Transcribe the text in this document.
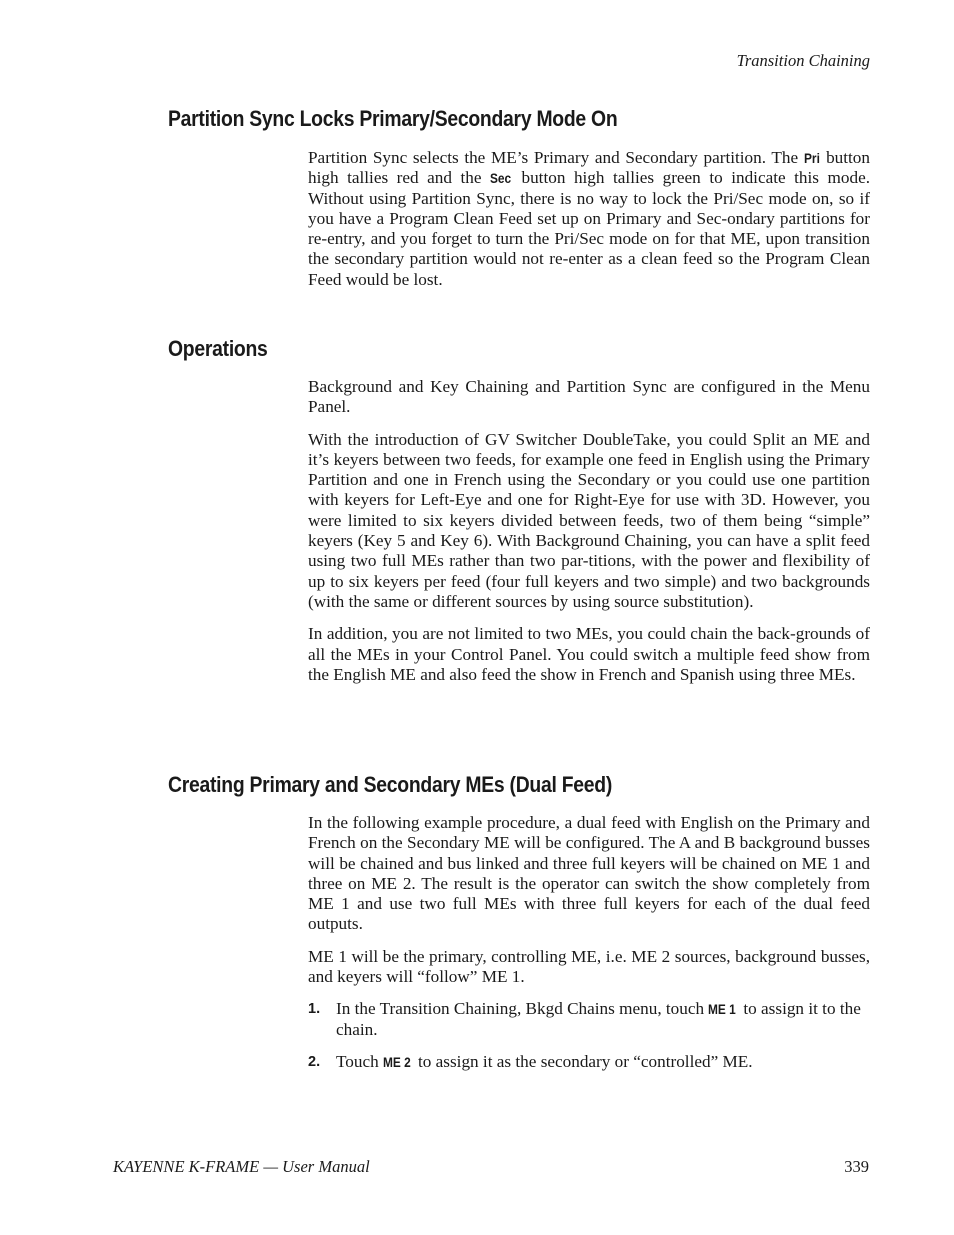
Transition Chaining
Partition Sync Locks Primary/Secondary Mode On

Partition Sync selects the ME’s Primary and Secondary partition. The Pri button high tallies red and the Sec button high tallies green to indicate this mode. Without using Partition Sync, there is no way to lock the Pri/Sec mode on, so if you have a Program Clean Feed set up on Primary and Sec-ondary partitions for re-entry, and you forget to turn the Pri/Sec mode on for that ME, upon transition the secondary partition would not re-enter as a clean feed so the Program Clean Feed would be lost.

Operations

Background and Key Chaining and Partition Sync are configured in the Menu Panel.

With the introduction of GV Switcher DoubleTake, you could Split an ME and it’s keyers between two feeds, for example one feed in English using the Primary Partition and one in French using the Secondary or you could use one partition with keyers for Left-Eye and one for Right-Eye for use with 3D. However, you were limited to six keyers divided between feeds, two of them being “simple” keyers (Key 5 and Key 6). With Background Chaining, you can have a split feed using two full MEs rather than two par-titions, with the power and flexibility of up to six keyers per feed (four full keyers and two simple) and two backgrounds (with the same or different sources by using source substitution).

In addition, you are not limited to two MEs, you could chain the back-grounds of all the MEs in your Control Panel. You could switch a multiple feed show from the English ME and also feed the show in French and Spanish using three MEs.

Creating Primary and Secondary MEs (Dual Feed)

In the following example procedure, a dual feed with English on the Primary and French on the Secondary ME will be configured. The A and B background busses will be chained and bus linked and three full keyers will be chained on ME 1 and three on ME 2. The result is the operator can switch the show completely from ME 1 and use two full MEs with three full keyers for each of the dual feed outputs.

ME 1 will be the primary, controlling ME, i.e. ME 2 sources, background busses, and keyers will “follow” ME 1.

1. In the Transition Chaining, Bkgd Chains menu, touch ME 1 to assign it to the chain.
2. Touch ME 2 to assign it as the secondary or “controlled” ME.
KAYENNE K-FRAME — User Manual	339
